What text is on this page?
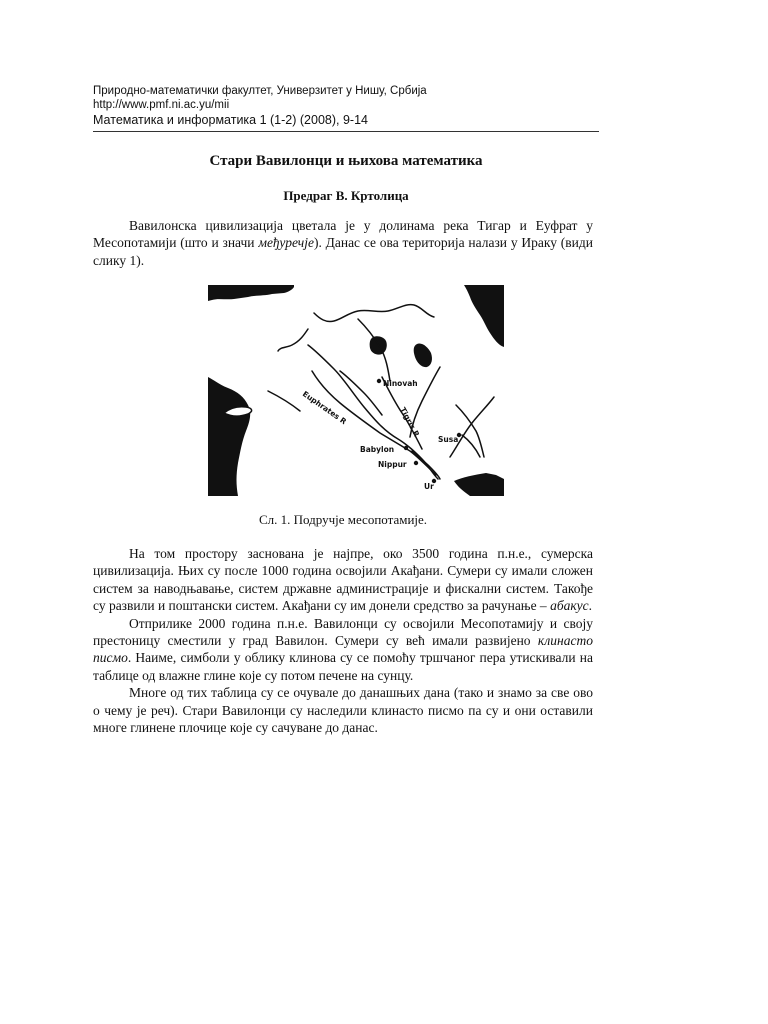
Природно-математички факултет, Универзитет у Нишу, Србија
http://www.pmf.ni.ac.yu/mii
Математика и информатика 1 (1-2) (2008), 9-14
Стари Вавилонци и њихова математика
Предраг В. Кртолица

Вавилонска цивилизација цветала је у долинама река Тигар и Еуфрат у Месопотамији (што и значи међуречје). Данас се ова територија налази у Ираку (види слику 1).

Ninovah
Tigris R
Euphrates R
Susa
Babylon
Nippur
Ur
Сл. 1. Подручје месопотамије.

На том простору заснована је најпре, око 3500 година п.н.е., сумерска цивилизација. Њих су после 1000 година освојили Акађани. Сумери су имали сложен систем за наводњавање, систем државне администрације и фискални систем. Такође су развили и поштански систем. Акађани су им донели средство за рачунање – абакус.

Отприлике 2000 година п.н.е. Вавилонци су освојили Месопотамију и своју престоницу сместили у град Вавилон. Сумери су већ имали развијено клинасто писмо. Наиме, симболи у облику клинова су се помоћу тршчаног пера утискивали на таблице од влажне глине које су потом печене на сунцу.

Многе од тих таблица су се очувале до данашњих дана (тако и знамо за све ово о чему је реч). Стари Вавилонци су наследили клинасто писмо па су и они оставили многе глинене плочице које су сачуване до данас.
